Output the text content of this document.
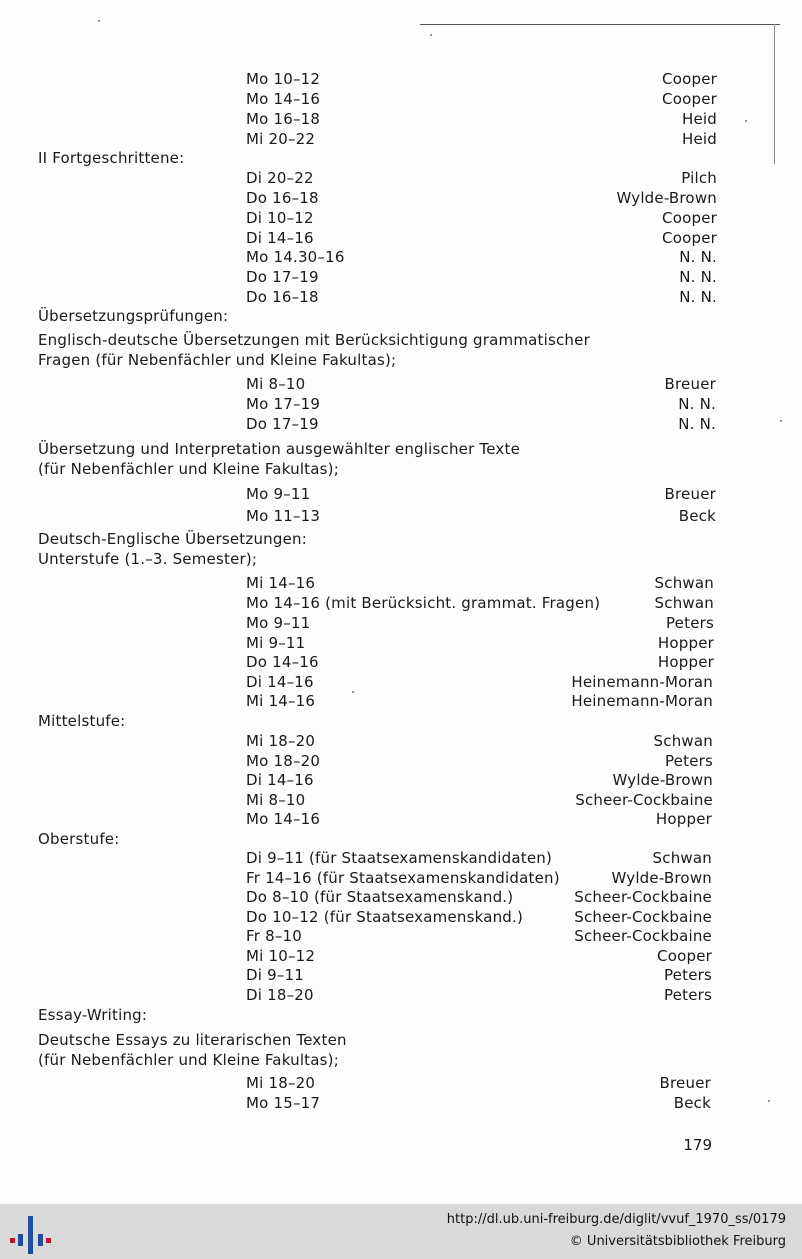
Mo 10–12	Cooper
Mo 14–16	Cooper
Mo 16–18	Heid
Mi 20–22	Heid
II Fortgeschrittene:
Di 20–22	Pilch
Do 16–18	Wylde-Brown
Di 10–12	Cooper
Di 14–16	Cooper
Mo 14.30–16	N. N.
Do 17–19	N. N.
Do 16–18	N. N.
Übersetzungsprüfungen:
Englisch-deutsche Übersetzungen mit Berücksichtigung grammatischer
Fragen (für Nebenfächler und Kleine Fakultas);
Mi 8–10	Breuer
Mo 17–19	N. N.
Do 17–19	N. N.
Übersetzung und Interpretation ausgewählter englischer Texte
(für Nebenfächler und Kleine Fakultas);
Mo 9–11	Breuer
Mo 11–13	Beck
Deutsch-Englische Übersetzungen:
Unterstufe (1.–3. Semester);
Mi 14–16	Schwan
Mo 14–16 (mit Berücksicht. grammat. Fragen)	Schwan
Mo 9–11	Peters
Mi 9–11	Hopper
Do 14–16	Hopper
Di 14–16	Heinemann-Moran
Mi 14–16	Heinemann-Moran
Mittelstufe:
Mi 18–20	Schwan
Mo 18–20	Peters
Di 14–16	Wylde-Brown
Mi 8–10	Scheer-Cockbaine
Mo 14–16	Hopper
Oberstufe:
Di 9–11 (für Staatsexamenskandidaten)	Schwan
Fr 14–16 (für Staatsexamenskandidaten)	Wylde-Brown
Do 8–10 (für Staatsexamenskand.)	Scheer-Cockbaine
Do 10–12 (für Staatsexamenskand.)	Scheer-Cockbaine
Fr 8–10	Scheer-Cockbaine
Mi 10–12	Cooper
Di 9–11	Peters
Di 18–20	Peters
Essay-Writing:
Deutsche Essays zu literarischen Texten
(für Nebenfächler und Kleine Fakultas);
Mi 18–20	Breuer
Mo 15–17	Beck
179
http://dl.ub.uni-freiburg.de/diglit/vvuf_1970_ss/0179
© Universitätsbibliothek Freiburg
